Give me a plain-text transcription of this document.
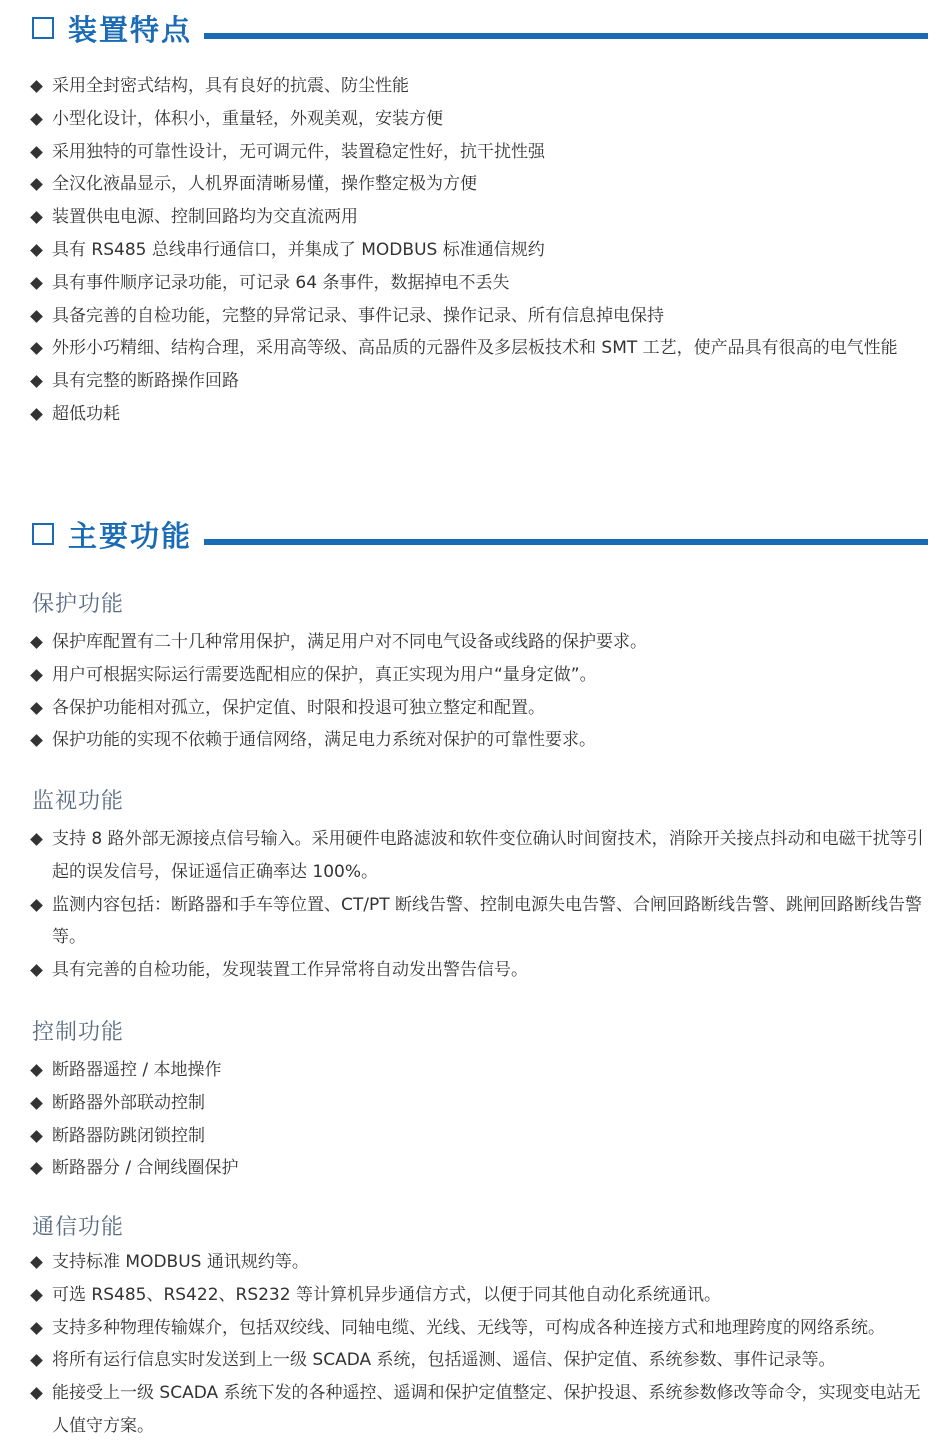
装置特点
采用全封密式结构，具有良好的抗震、防尘性能
小型化设计，体积小，重量轻，外观美观，安装方便
采用独特的可靠性设计，无可调元件，装置稳定性好，抗干扰性强
全汉化液晶显示，人机界面清晰易懂，操作整定极为方便
装置供电电源、控制回路均为交直流两用
具有 RS485 总线串行通信口，并集成了 MODBUS 标准通信规约
具有事件顺序记录功能，可记录 64 条事件，数据掉电不丢失
具备完善的自检功能，完整的异常记录、事件记录、操作记录、所有信息掉电保持
外形小巧精细、结构合理，采用高等级、高品质的元器件及多层板技术和 SMT 工艺，使产品具有很高的电气性能
具有完整的断路操作回路
超低功耗
主要功能
保护功能
保护库配置有二十几种常用保护，满足用户对不同电气设备或线路的保护要求。
用户可根据实际运行需要选配相应的保护，真正实现为用户“量身定做”。
各保护功能相对孤立，保护定值、时限和投退可独立整定和配置。
保护功能的实现不依赖于通信网络，满足电力系统对保护的可靠性要求。
监视功能
支持 8 路外部无源接点信号输入。采用硬件电路滤波和软件变位确认时间窗技术，消除开关接点抖动和电磁干扰等引起的误发信号，保证遥信正确率达 100%。
监测内容包括：断路器和手车等位置、CT/PT 断线告警、控制电源失电告警、合闸回路断线告警、跳闸回路断线告警等。
具有完善的自检功能，发现装置工作异常将自动发出警告信号。
控制功能
断路器遥控 / 本地操作
断路器外部联动控制
断路器防跳闭锁控制
断路器分 / 合闸线圈保护
通信功能
支持标准 MODBUS 通讯规约等。
可选 RS485、RS422、RS232 等计算机异步通信方式，以便于同其他自动化系统通讯。
支持多种物理传输媒介，包括双绞线、同轴电缆、光线、无线等，可构成各种连接方式和地理跨度的网络系统。
将所有运行信息实时发送到上一级 SCADA 系统，包括遥测、遥信、保护定值、系统参数、事件记录等。
能接受上一级 SCADA 系统下发的各种遥控、遥调和保护定值整定、保护投退、系统参数修改等命令，实现变电站无人值守方案。
